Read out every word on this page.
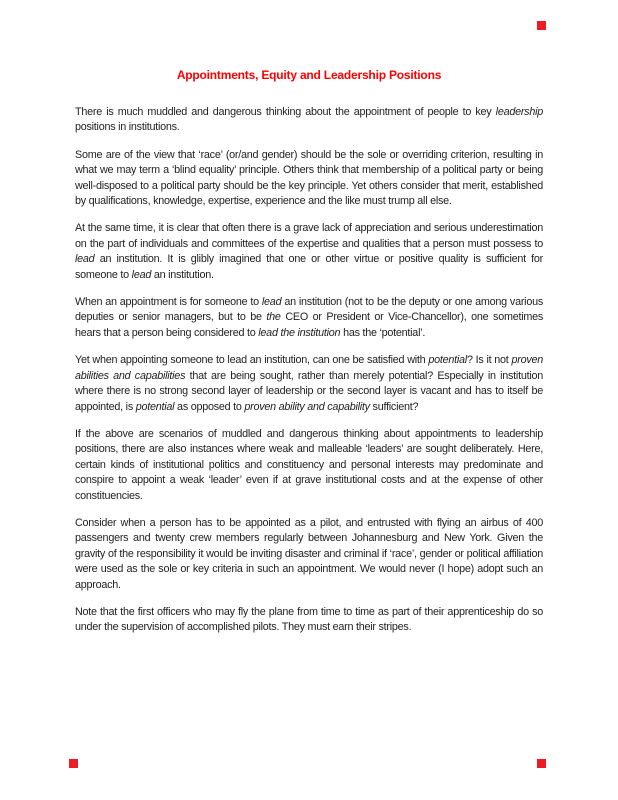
Appointments, Equity and Leadership Positions

There is much muddled and dangerous thinking about the appointment of people to key leadership positions in institutions.

Some are of the view that ‘race’ (or/and gender) should be the sole or overriding criterion, resulting in what we may term a ‘blind equality’ principle. Others think that membership of a political party or being well-disposed to a political party should be the key principle. Yet others consider that merit, established by qualifications, knowledge, expertise, experience and the like must trump all else.

At the same time, it is clear that often there is a grave lack of appreciation and serious underestimation on the part of individuals and committees of the expertise and qualities that a person must possess to lead an institution. It is glibly imagined that one or other virtue or positive quality is sufficient for someone to lead an institution.

When an appointment is for someone to lead an institution (not to be the deputy or one among various deputies or senior managers, but to be the CEO or President or Vice-Chancellor), one sometimes hears that a person being considered to lead the institution has the ‘potential’.

Yet when appointing someone to lead an institution, can one be satisfied with potential? Is it not proven abilities and capabilities that are being sought, rather than merely potential? Especially in institution where there is no strong second layer of leadership or the second layer is vacant and has to itself be appointed, is potential as opposed to proven ability and capability sufficient?

If the above are scenarios of muddled and dangerous thinking about appointments to leadership positions, there are also instances where weak and malleable ‘leaders’ are sought deliberately. Here, certain kinds of institutional politics and constituency and personal interests may predominate and conspire to appoint a weak ‘leader’ even if at grave institutional costs and at the expense of other constituencies.

Consider when a person has to be appointed as a pilot, and entrusted with flying an airbus of 400 passengers and twenty crew members regularly between Johannesburg and New York. Given the gravity of the responsibility it would be inviting disaster and criminal if ‘race’, gender or political affiliation were used as the sole or key criteria in such an appointment. We would never (I hope) adopt such an approach.

Note that the first officers who may fly the plane from time to time as part of their apprenticeship do so under the supervision of accomplished pilots. They must earn their stripes.
